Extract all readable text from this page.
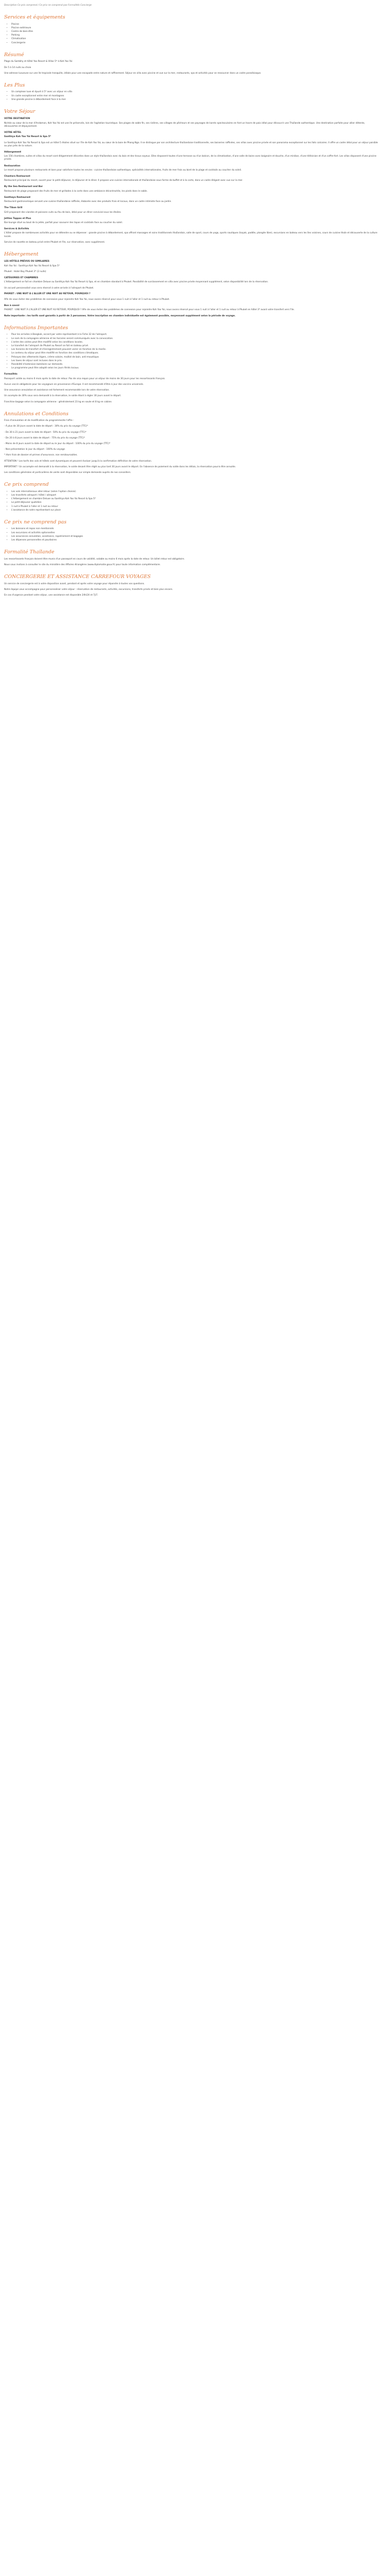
Description Ce prix comprend / Ce prix ne comprend pas Formalités Concierge

Services et équipements
• Piscine
• Piscine extérieure
• Centre de bien-être
• Parking
• Climatisation
• Conciergerie
Résumé

Plage du Sambhy et hôtel Yao Resort & Villas 5* à Koh Yao Yai

De 5 à 14 nuits au choix

Une adresse luxueuse sur une île tropicale tranquille, idéale pour une escapade entre nature et raffinement. Séjour en villa avec piscine et vue sur la mer, restaurants, spa et activités pour se ressourcer dans un cadre paradisiaque.

Les Plus
• Un complexe luxe et épuré à 5* avec un séjour en villa
• Un cadre exceptionnel entre mer et montagnes
• Une grande piscine à débordement face à la mer
Votre Séjour

VOTRE DESTINATION

Nichée au cœur de la mer d'Andaman, Koh Yao Yai est une île préservée, loin de l'agitation touristique. Ses plages de sable fin, ses rizières, ses villages de pêcheurs et ses paysages de karsts spectaculaires en font un havre de paix idéal pour découvrir une Thaïlande authentique. Une destination parfaite pour allier détente, découvertes et dépaysement.

VOTRE HÔTEL

Santhiya Koh Yao Yai Resort & Spa 5*

Le Santhiya Koh Yao Yai Resort & Spa est un hôtel 5 étoiles situé sur l'île de Koh Yao Yai, au cœur de la baie de Phang Nga. Il se distingue par son architecture thaïlandaise traditionnelle, ses boiseries raffinées, ses villas avec piscine privée et son panorama exceptionnel sur les îlots calcaires. Il offre un cadre idéal pour un séjour paisible au plus près de la nature.

Hébergement

Les 156 chambres, suites et villas du resort sont élégamment décorées dans un style thaïlandais avec du bois et des tissus soyeux. Elles disposent toutes d'une terrasse ou d'un balcon, de la climatisation, d'une salle de bains avec baignoire et douche, d'un minibar, d'une télévision et d'un coffre-fort. Les villas disposent d'une piscine privée.

Restauration

Le resort propose plusieurs restaurants et bars pour satisfaire toutes les envies : cuisine thaïlandaise authentique, spécialités internationales, fruits de mer frais au bord de la plage et cocktails au coucher du soleil.

Chantara Restaurant

Restaurant principal du resort, ouvert pour le petit-déjeuner, le déjeuner et le dîner. Il propose une cuisine internationale et thaïlandaise sous forme de buffet et à la carte, dans un cadre élégant avec vue sur la mer.

By the Sea Restaurant and Bar

Restaurant de plage proposant des fruits de mer et grillades à la carte dans une ambiance décontractée, les pieds dans le sable.

Santhaya Restaurant

Restaurant gastronomique servant une cuisine thaïlandaise raffinée, élaborée avec des produits frais et locaux, dans un cadre intimiste face au jardin.

The Tiban Grill

Grill proposant des viandes et poissons cuits au feu de bois, idéal pour un dîner convivial sous les étoiles.

Jetties Tappas et Plus

Bar-lounge situé au bout de la jetée, parfait pour savourer des tapas et cocktails face au coucher du soleil.

Services & Activités

L'hôtel propose de nombreuses activités pour se détendre ou se dépenser : grande piscine à débordement, spa offrant massages et soins traditionnels thaïlandais, salle de sport, cours de yoga, sports nautiques (kayak, paddle, plongée libre), excursions en bateau vers les îles voisines, cours de cuisine thaïe et découverte de la culture locale.

Service de navette en bateau privé entre Phuket et l'île, sur réservation, avec supplément.

Hébergement

LES HÔTELS PRÉVUS OU SIMILAIRES

Koh Yao Yai : Santhiya Koh Yao Yai Resort & Spa 5*

Phuket : Hotel Bay Phuket 3* (2 nuits)

CATÉGORIES ET CHAMBRES

L'hébergement se fait en chambre Deluxe au Santhiya Koh Yao Yai Resort & Spa, et en chambre standard à Phuket. Possibilité de surclassement en villa avec piscine privée moyennant supplément, selon disponibilité lors de la réservation.

Un accueil personnalisé vous sera réservé à votre arrivée à l'aéroport de Phuket.

PHUKET : UNE NUIT À L'ALLER ET UNE NUIT AU RETOUR, POURQUOI ?

Afin de vous éviter des problèmes de connexion pour rejoindre Koh Yao Yai, nous avons réservé pour vous 1 nuit à l'aller et 1 nuit au retour à Phuket.

Bon à savoir

PHUKET : UNE NUIT À L'ALLER ET UNE NUIT AU RETOUR, POURQUOI ? Afin de vous éviter des problèmes de connexion pour rejoindre Koh Yao Yai, nous avons réservé pour vous 1 nuit à l'aller et 1 nuit au retour à Phuket en hôtel 3* avant votre transfert vers l'île.

Note importante : les tarifs sont garantis à partir de 2 personnes. Votre inscription en chambre individuelle est également possible, moyennant supplément selon la période de voyage.

Informations Importantes
• Pour les arrivées à Bangkok, accord par votre représentant à la Fiche 32 de l'aéroport.
• Le nom de la compagnie aérienne et les horaires seront communiqués avec la convocation.
• L'ordre des visites peut être modifié selon les conditions locales.
• Le transfert de l'aéroport de Phuket au Resort se fait en bateau privé.
• Les horaires de transfert et d'enregistrement peuvent varier en fonction de la marée.
• Le contenu du séjour peut être modifié en fonction des conditions climatiques.
• Prévoyez des vêtements légers, crème solaire, maillot de bain, anti-moustique.
• Les taxes de séjour sont incluses dans le prix.
• Possibilité d'extension balnéaire sur demande.
• Le programme peut être adapté selon les jours fériés locaux.

Formalités

Passeport valide au moins 6 mois après la date de retour. Pas de visa requis pour un séjour de moins de 30 jours pour les ressortissants français.

Aucun vaccin obligatoire pour les voyageurs en provenance d'Europe. Il est recommandé d'être à jour des vaccins universels.

Une assurance annulation et assistance est fortement recommandée lors de votre réservation.

Un acompte de 30% vous sera demandé à la réservation, le solde étant à régler 30 jours avant le départ.

Franchise bagage selon la compagnie aérienne : généralement 23 kg en soute et 8 kg en cabine.

Annulations et Conditions

Frais d'annulation et de modification du programme/de l'offre :

- À plus de 30 jours avant la date de départ : 30% du prix du voyage (TTC)*

- De 30 à 21 jours avant la date de départ : 50% du prix du voyage (TTC)*

- De 20 à 8 jours avant la date de départ : 75% du prix du voyage (TTC)*

- Moins de 8 jours avant la date de départ ou le jour du départ : 100% du prix du voyage (TTC)*

- Non-présentation le jour du départ : 100% du voyage

* Hors frais de dossier et primes d'assurance, non remboursables.

ATTENTION ! Les tarifs des vols et hôtels sont dynamiques et peuvent évoluer jusqu'à la confirmation définitive de votre réservation.

IMPORTANT ! Un accompte est demandé à la réservation, le solde devant être réglé au plus tard 30 jours avant le départ. En l'absence de paiement du solde dans les délais, la réservation pourra être annulée.

Les conditions générales et particulières de vente sont disponibles sur simple demande auprès de nos conseillers.

Ce prix comprend
• Les vols internationaux aller-retour (selon l'option choisie)
• Les transferts aéroport / hôtel / aéroport
• L'hébergement en chambre Deluxe au Santhiya Koh Yao Yai Resort & Spa 5*
• Le petit-déjeuner quotidien
• 1 nuit à Phuket à l'aller et 1 nuit au retour
• L'assistance de notre représentant sur place
Ce prix ne comprend pas
• Les boissons et repas non mentionnés
• Les excursions et activités optionnelles
• Les assurances annulation, assistance, rapatriement et bagages
• Les dépenses personnelles et pourboires
Formalité Thaïlande

Les ressortissants français doivent être munis d'un passeport en cours de validité, valable au moins 6 mois après la date de retour. Un billet retour est obligatoire.

Nous vous invitons à consulter le site du ministère des Affaires étrangères (www.diplomatie.gouv.fr) pour toute information complémentaire.

CONCIERGERIE ET ASSISTANCE CARREFOUR VOYAGES

Un service de conciergerie est à votre disposition avant, pendant et après votre voyage pour répondre à toutes vos questions.

Notre équipe vous accompagne pour personnaliser votre séjour : réservation de restaurants, activités, excursions, transferts privés et bien plus encore.

En cas d'urgence pendant votre séjour, une assistance est disponible 24h/24 et 7j/7.
